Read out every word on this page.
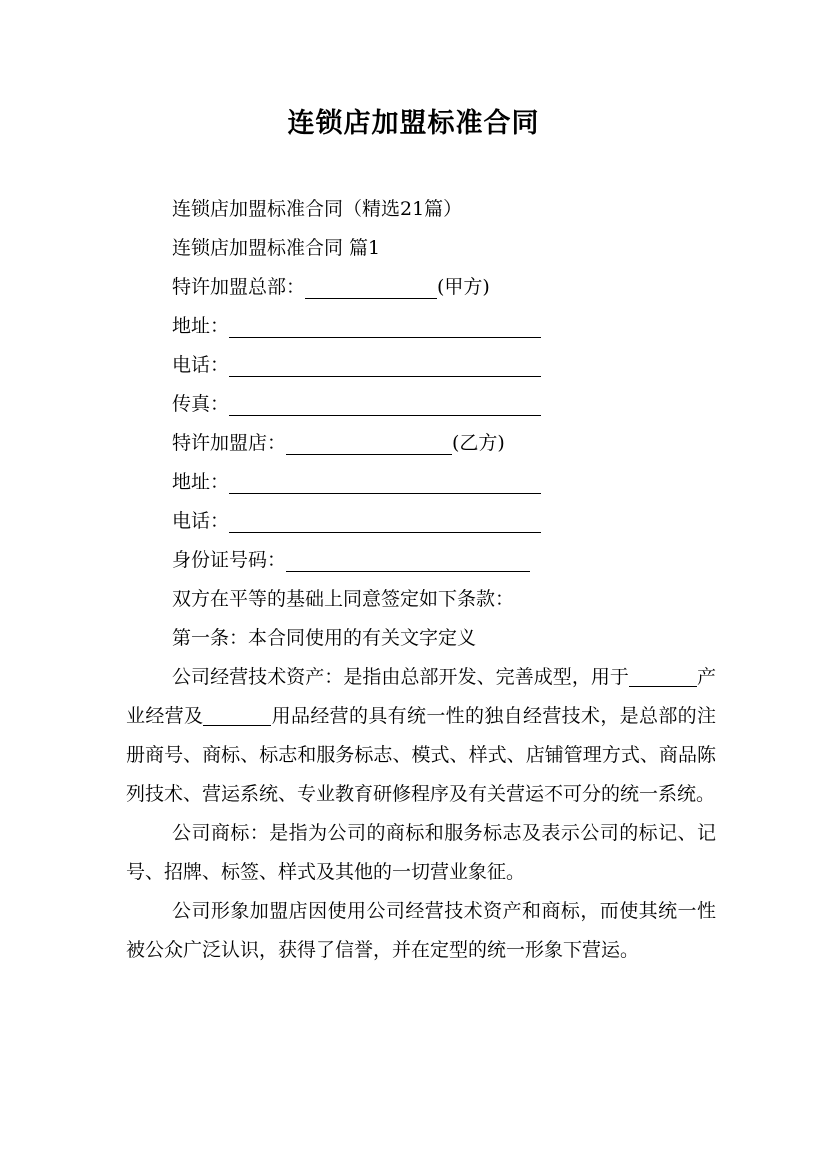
连锁店加盟标准合同
连锁店加盟标准合同（精选21篇）
连锁店加盟标准合同 篇1
特许加盟总部：	(甲方)
地址：
电话：
传真：
特许加盟店：	(乙方)
地址：
电话：
身份证号码：
双方在平等的基础上同意签定如下条款：
第一条：本合同使用的有关文字定义
公司经营技术资产：是指由总部开发、完善成型，用于	产业经营及	用品经营的具有统一性的独自经营技术，是总部的注册商号、商标、标志和服务标志、模式、样式、店铺管理方式、商品陈列技术、营运系统、专业教育研修程序及有关营运不可分的统一系统。
公司商标：是指为公司的商标和服务标志及表示公司的标记、记号、招牌、标签、样式及其他的一切营业象征。
公司形象加盟店因使用公司经营技术资产和商标，而使其统一性被公众广泛认识，获得了信誉，并在定型的统一形象下营运。
